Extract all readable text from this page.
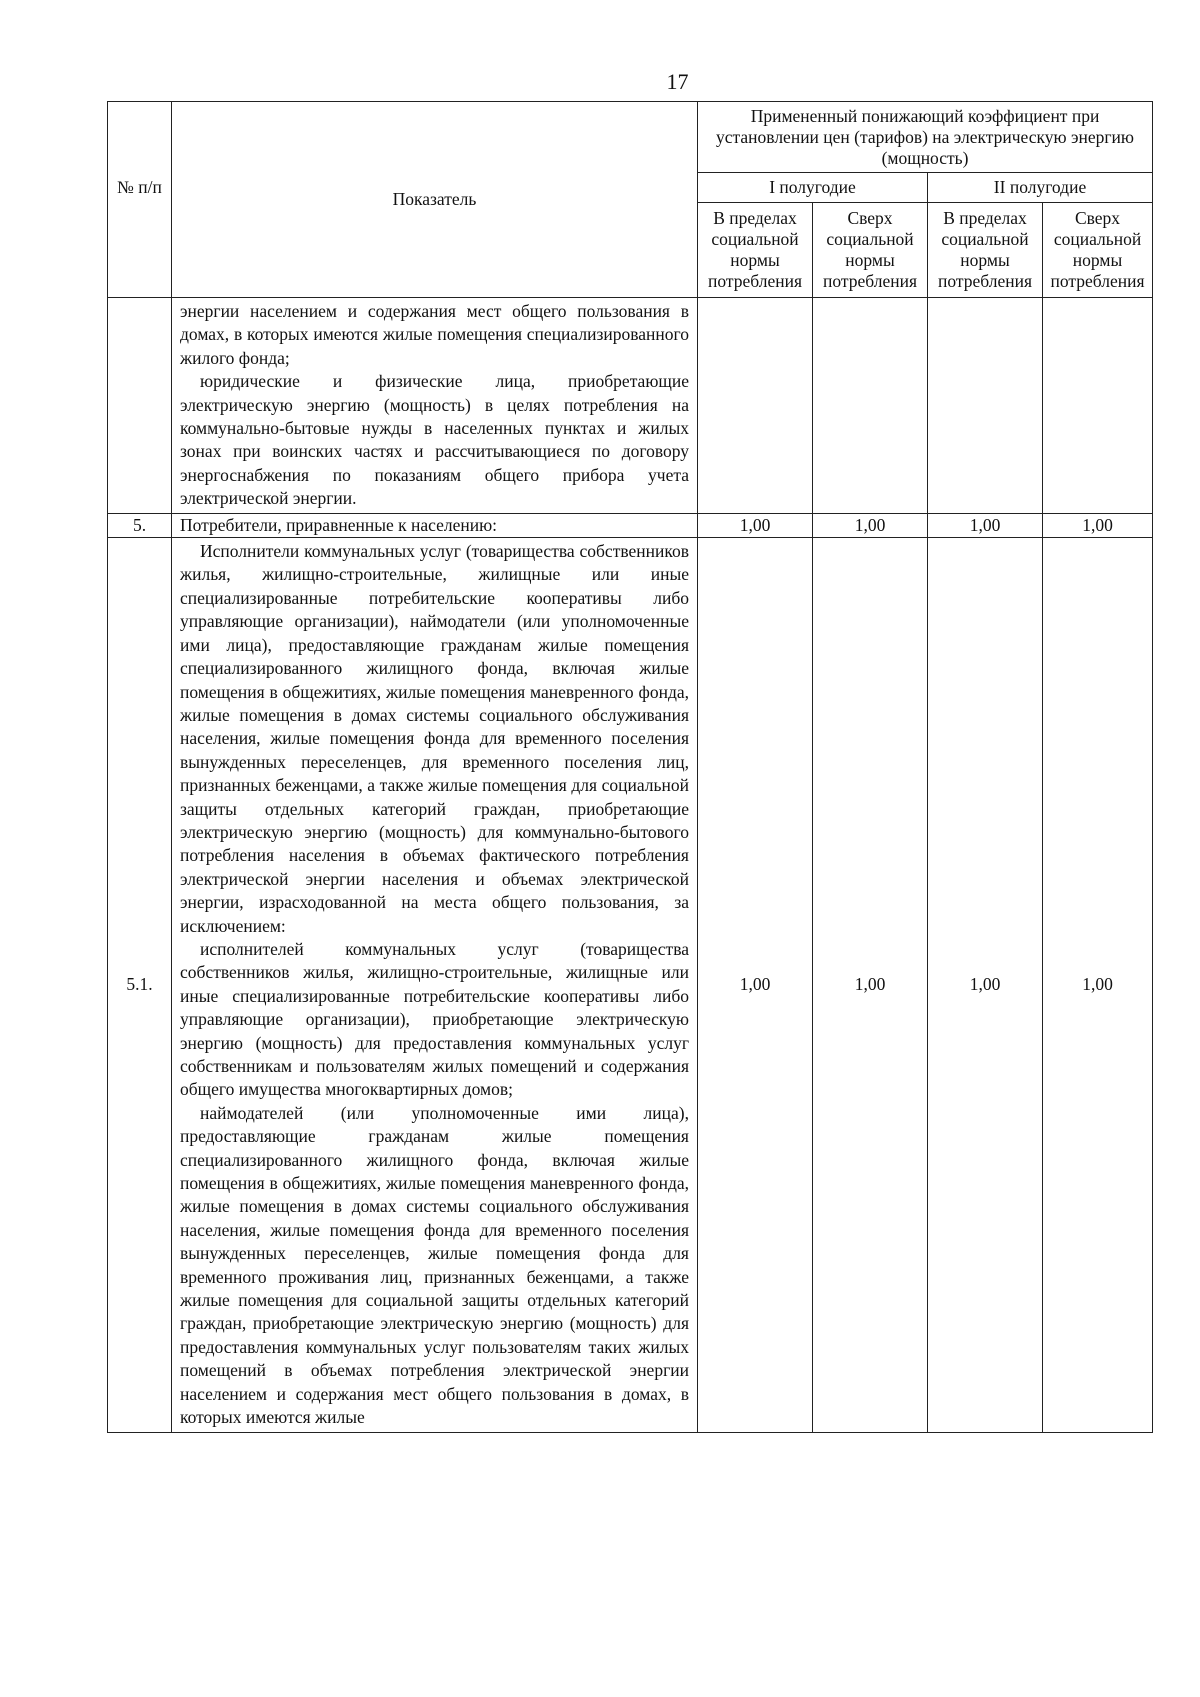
17
№ п/п	Показатель	Примененный понижающий коэффициент при установлении цен (тарифов) на электрическую энергию (мощность)			
		I полугодие		II полугодие	
		В пределах социальной нормы потребления	Сверх социальной нормы потребления	В пределах социальной нормы потребления	Сверх социальной нормы потребления

	энергии населением и содержания мест общего пользования в домах, в которых имеются жилые помещения специализированного жилого фонда;

юридические и физические лица, приобретающие электрическую энергию (мощность) в целях потребления на коммунально-бытовые нужды в населенных пунктах и жилых зонах при воинских частях и рассчитывающиеся по договору энергоснабжения по показаниям общего прибора учета электрической энергии.				

5.	Потребители, приравненные к населению:	1,00	1,00	1,00	1,00
5.1.	Исполнители коммунальных услуг (товарищества собственников жилья, жилищно-строительные, жилищные или иные специализированные потребительские кооперативы либо управляющие организации), наймодатели (или уполномоченные ими лица), предоставляющие гражданам жилые помещения специализированного жилищного фонда, включая жилые помещения в общежитиях, жилые помещения маневренного фонда, жилые помещения в домах системы социального обслуживания населения, жилые помещения фонда для временного поселения вынужденных переселенцев, для временного поселения лиц, признанных беженцами, а также жилые помещения для социальной защиты отдельных категорий граждан, приобретающие электрическую энергию (мощность) для коммунально-бытового потребления населения в объемах фактического потребления электрической энергии населения и объемах электрической энергии, израсходованной на места общего пользования, за исключением:

исполнителей коммунальных услуг (товарищества собственников жилья, жилищно-строительные, жилищные или иные специализированные потребительские кооперативы либо управляющие организации), приобретающие электрическую энергию (мощность) для предоставления коммунальных услуг собственникам и пользователям жилых помещений и содержания общего имущества многоквартирных домов;

наймодателей (или уполномоченные ими лица), предоставляющие гражданам жилые помещения специализированного жилищного фонда, включая жилые помещения в общежитиях, жилые помещения маневренного фонда, жилые помещения в домах системы социального обслуживания населения, жилые помещения фонда для временного поселения вынужденных переселенцев, жилые помещения фонда для временного проживания лиц, признанных беженцами, а также жилые помещения для социальной защиты отдельных категорий граждан, приобретающие электрическую энергию (мощность) для предоставления коммунальных услуг пользователям таких жилых помещений в объемах потребления электрической энергии населением и содержания мест общего пользования в домах, в которых имеются жилые	1,00	1,00	1,00	1,00
